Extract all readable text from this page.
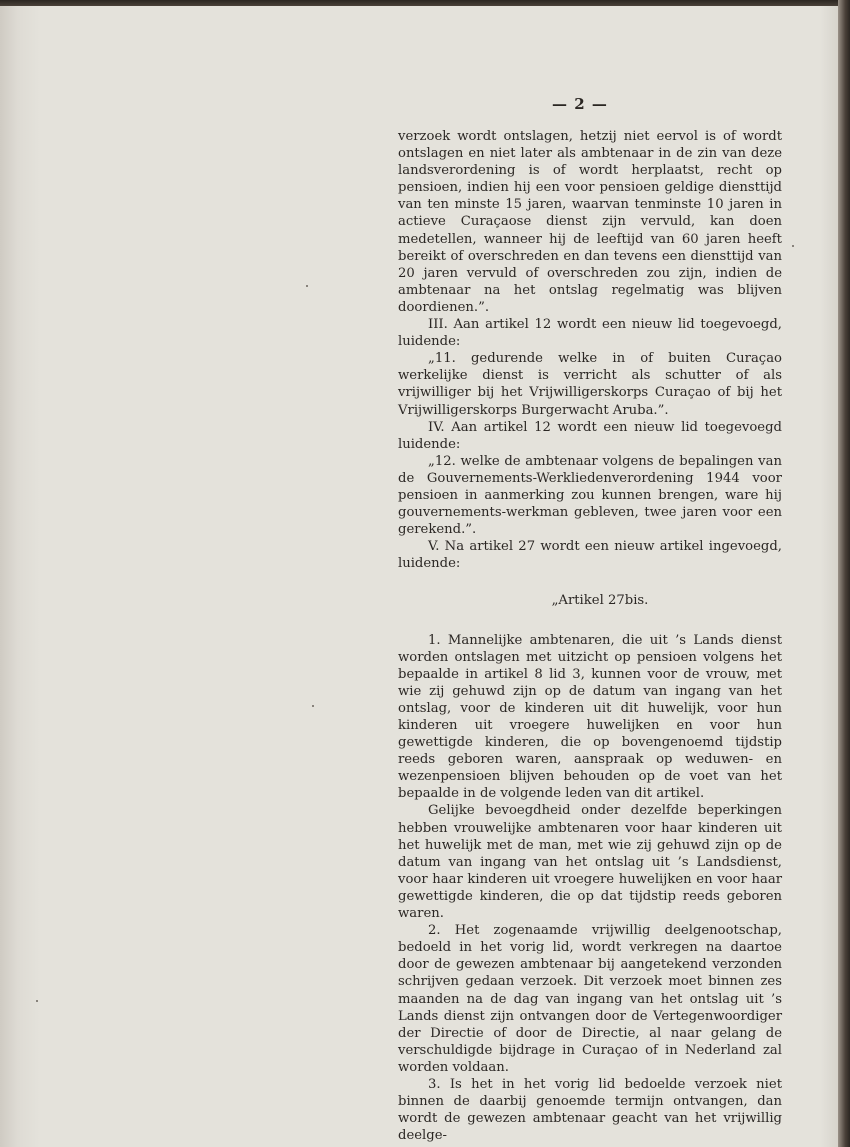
— 2 —

verzoek wordt ontslagen, hetzij niet eervol is of wordt ontslagen en niet later als ambtenaar in de zin van deze landsverordening is of wordt herplaatst, recht op pensioen, indien hij een voor pensioen geldige diensttijd van ten minste 15 jaren, waarvan tenminste 10 jaren in actieve Curaçaose dienst zijn vervuld, kan doen medetellen, wanneer hij de leeftijd van 60 jaren heeft bereikt of overschreden en dan tevens een diensttijd van 20 jaren vervuld of overschreden zou zijn, indien de ambtenaar na het ontslag regelmatig was blijven doordienen.”.

III. Aan artikel 12 wordt een nieuw lid toegevoegd, luidende:

„11. gedurende welke in of buiten Curaçao werkelijke dienst is verricht als schutter of als vrijwilliger bij het Vrijwilligerskorps Curaçao of bij het Vrijwilligerskorps Burgerwacht Aruba.”.

IV. Aan artikel 12 wordt een nieuw lid toegevoegd luidende:

„12. welke de ambtenaar volgens de bepalingen van de Gouvernements-Werkliedenverordening 1944 voor pensioen in aanmerking zou kunnen brengen, ware hij gouvernements-werkman gebleven, twee jaren voor een gerekend.”.

V. Na artikel 27 wordt een nieuw artikel ingevoegd, luidende:

„Artikel 27bis.

1. Mannelijke ambtenaren, die uit ’s Lands dienst worden ontslagen met uitzicht op pensioen volgens het bepaalde in artikel 8 lid 3, kunnen voor de vrouw, met wie zij gehuwd zijn op de datum van ingang van het ontslag, voor de kinderen uit dit huwelijk, voor hun kinderen uit vroegere huwelijken en voor hun gewettigde kinderen, die op bovengenoemd tijdstip reeds geboren waren, aanspraak op weduwen- en wezenpensioen blijven behouden op de voet van het bepaalde in de volgende leden van dit artikel.

Gelijke bevoegdheid onder dezelfde beperkingen hebben vrouwelijke ambtenaren voor haar kinderen uit het huwelijk met de man, met wie zij gehuwd zijn op de datum van ingang van het ontslag uit ’s Landsdienst, voor haar kinderen uit vroegere huwelijken en voor haar gewettigde kinderen, die op dat tijdstip reeds geboren waren.

2. Het zogenaamde vrijwillig deelgenootschap, bedoeld in het vorig lid, wordt verkregen na daartoe door de gewezen ambtenaar bij aangetekend verzonden schrijven gedaan verzoek. Dit verzoek moet binnen zes maanden na de dag van ingang van het ontslag uit ’s Lands dienst zijn ontvangen door de Vertegenwoordiger der Directie of door de Directie, al naar gelang de verschuldigde bijdrage in Curaçao of in Nederland zal worden voldaan.

3. Is het in het vorig lid bedoelde verzoek niet binnen de daarbij genoemde termijn ontvangen, dan wordt de gewezen ambtenaar geacht van het vrijwillig deelge-
